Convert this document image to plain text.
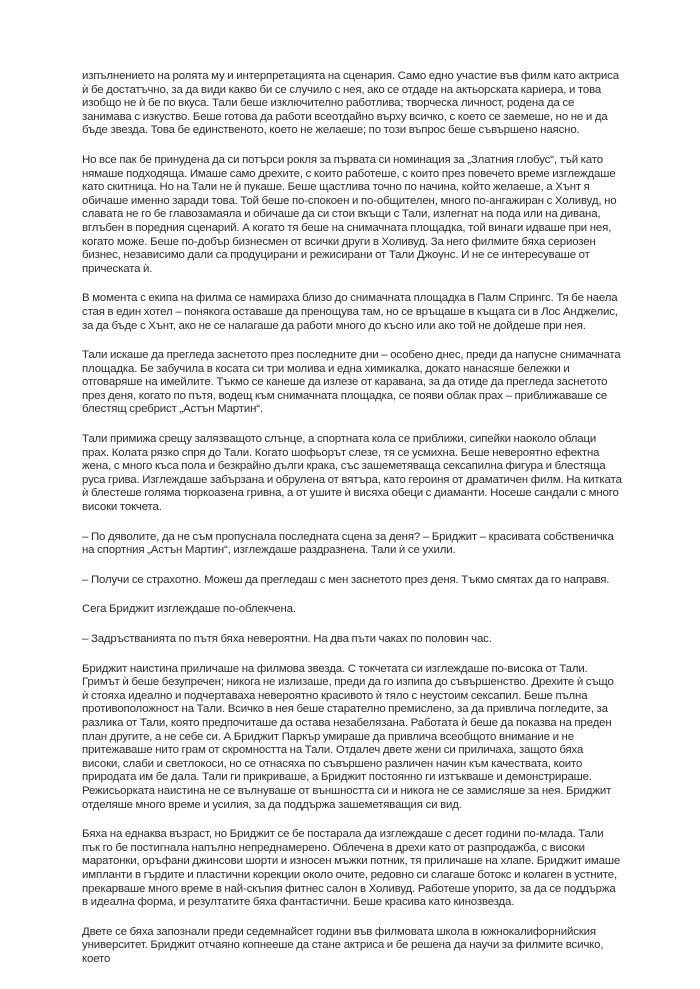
изпълнението на ролята му и интерпретацията на сценария. Само едно участие във филм като актриса ѝ бе достатъчно, за да види какво би се случило с нея, ако се отдаде на актьорската кариера, и това изобщо не ѝ бе по вкуса. Тали беше изключително работлива; творческа личност, родена да се занимава с изкуство. Беше готова да работи всеотдайно върху всичко, с което се заемеше, но не и да бъде звезда. Това бе единственото, което не желаеше; по този въпрос беше съвършено наясно.

Но все пак бе принудена да си потърси рокля за първата си номинация за „Златния глобус“, тъй като нямаше подходяща. Имаше само дрехите, с които работеше, с които през повечето време изглеждаше като скитница. Но на Тали не ѝ пукаше. Беше щастлива точно по начина, който желаеше, а Хънт я обичаше именно заради това. Той беше по-спокоен и по-общителен, много по-ангажиран с Холивуд, но славата не го бе главозамаяла и обичаше да си стои вкъщи с Тали, излегнат на пода или на дивана, вглъбен в поредния сценарий. А когато тя беше на снимачната площадка, той винаги идваше при нея, когато може. Беше по-добър бизнесмен от всички други в Холивуд. За него филмите бяха сериозен бизнес, независимо дали са продуцирани и режисирани от Тали Джоунс. И не се интересуваше от прическата ѝ.

В момента с екипа на филма се намираха близо до снимачната площадка в Палм Спрингс. Тя бе наела стая в един хотел – понякога оставаше да пренощува там, но се връщаше в къщата си в Лос Анджелис, за да бъде с Хънт, ако не се налагаше да работи много до късно или ако той не дойдеше при нея.

Тали искаше да прегледа заснетото през последните дни – особено днес, преди да напусне снимачната площадка. Бе забучила в косата си три молива и една химикалка, докато нанасяше бележки и отговаряше на имейлите. Тъкмо се канеше да излезе от каравана, за да отиде да прегледа заснетото през деня, когато по пътя, водещ към снимачната площадка, се появи облак прах – приближаваше се блестящ сребрист „Астън Мартин“.

Тали примижа срещу залязващото слънце, а спортната кола се приближи, сипейки наоколо облаци прах. Колата рязко спря до Тали. Когато шофьорът слезе, тя се усмихна. Беше невероятно ефектна жена, с много къса пола и безкрайно дълги крака, със зашеметяваща сексапилна фигура и блестяща руса грива. Изглеждаше забързана и обрулена от вятъра, като героиня от драматичен филм. На китката ѝ блестеше голяма тюркоазена гривна, а от ушите ѝ висяха обеци с диаманти. Носеше сандали с много високи токчета.

– По дяволите, да не съм пропуснала последната сцена за деня? – Бриджит – красивата собственичка на спортния „Астън Мартин“, изглеждаше раздразнена. Тали ѝ се ухили.

– Получи се страхотно. Можеш да прегледаш с мен заснетото през деня. Тъкмо смятах да го направя.

Сега Бриджит изглеждаше по-облекчена.

– Задръстванията по пътя бяха невероятни. На два пъти чаках по половин час.

Бриджит наистина приличаше на филмова звезда. С токчетата си изглеждаше по-висока от Тали. Гримът ѝ беше безупречен; никога не излизаше, преди да го изпипа до съвършенство. Дрехите ѝ също ѝ стояха идеално и подчертаваха невероятно красивото ѝ тяло с неустоим сексапил. Беше пълна противоположност на Тали. Всичко в нея беше старателно премислено, за да привлича погледите, за разлика от Тали, която предпочиташе да остава незабелязана. Работата ѝ беше да показва на преден план другите, а не себе си. А Бриджит Паркър умираше да привлича всеобщото внимание и не притежаваше нито грам от скромността на Тали. Отдалеч двете жени си приличаха, защото бяха високи, слаби и светлокоси, но се отнасяха по съвършено различен начин към качествата, които природата им бе дала. Тали ги прикриваше, а Бриджит постоянно ги изтъкваше и демонстрираше. Режисьорката наистина не се вълнуваше от външността си и никога не се замисляше за нея. Бриджит отделяше много време и усилия, за да поддържа зашеметяващия си вид.

Бяха на еднаква възраст, но Бриджит се бе постарала да изглеждаше с десет години по-млада. Тали пък го бе постигнала напълно непреднамерено. Облечена в дрехи като от разпродажба, с високи маратонки, оръфани джинсови шорти и износен мъжки потник, тя приличаше на хлапе. Бриджит имаше импланти в гърдите и пластични корекции около очите, редовно си слагаше ботокс и колаген в устните, прекарваше много време в най-скъпия фитнес салон в Холивуд. Работеше упорито, за да се поддържа в идеална форма, и резултатите бяха фантастични. Беше красива като кинозвезда.

Двете се бяха запознали преди седемнайсет години във филмовата школа в южнокалифорнийския университет. Бриджит отчаяно копнееше да стане актриса и бе решена да научи за филмите всичко, което
